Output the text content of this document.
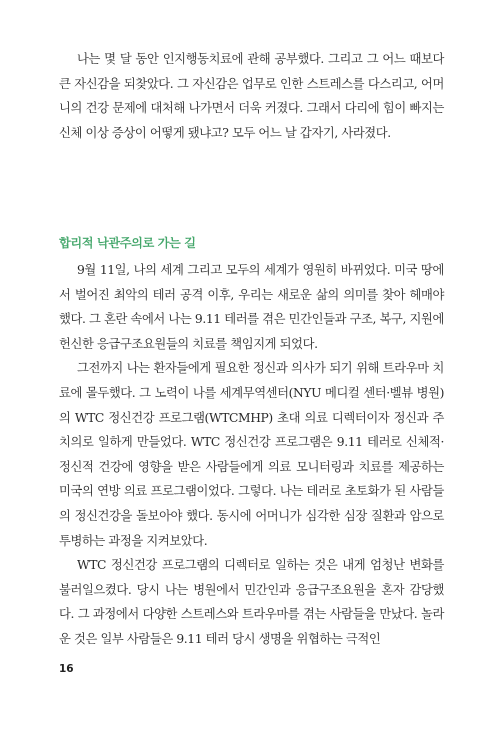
나는 몇 달 동안 인지행동치료에 관해 공부했다. 그리고 그 어느 때보다 큰 자신감을 되찾았다. 그 자신감은 업무로 인한 스트레스를 다스리고, 어머니의 건강 문제에 대처해 나가면서 더욱 커졌다. 그래서 다리에 힘이 빠지는 신체 이상 증상이 어떻게 됐냐고? 모두 어느 날 갑자기, 사라졌다.

합리적 낙관주의로 가는 길

9월 11일, 나의 세계 그리고 모두의 세계가 영원히 바뀌었다. 미국 땅에서 벌어진 최악의 테러 공격 이후, 우리는 새로운 삶의 의미를 찾아 헤매야 했다. 그 혼란 속에서 나는 9.11 테러를 겪은 민간인들과 구조, 복구, 지원에 헌신한 응급구조요원들의 치료를 책임지게 되었다.

그전까지 나는 환자들에게 필요한 정신과 의사가 되기 위해 트라우마 치료에 몰두했다. 그 노력이 나를 세계무역센터(NYU 메디컬 센터·벨뷰 병원)의 WTC 정신건강 프로그램(WTCMHP) 초대 의료 디렉터이자 정신과 주치의로 일하게 만들었다. WTC 정신건강 프로그램은 9.11 테러로 신체적·정신적 건강에 영향을 받은 사람들에게 의료 모니터링과 치료를 제공하는 미국의 연방 의료 프로그램이었다. 그렇다. 나는 테러로 초토화가 된 사람들의 정신건강을 돌보아야 했다. 동시에 어머니가 심각한 심장 질환과 암으로 투병하는 과정을 지켜보았다.

WTC 정신건강 프로그램의 디렉터로 일하는 것은 내게 엄청난 변화를 불러일으켰다. 당시 나는 병원에서 민간인과 응급구조요원을 혼자 감당했다. 그 과정에서 다양한 스트레스와 트라우마를 겪는 사람들을 만났다. 놀라운 것은 일부 사람들은 9.11 테러 당시 생명을 위협하는 극적인

16
